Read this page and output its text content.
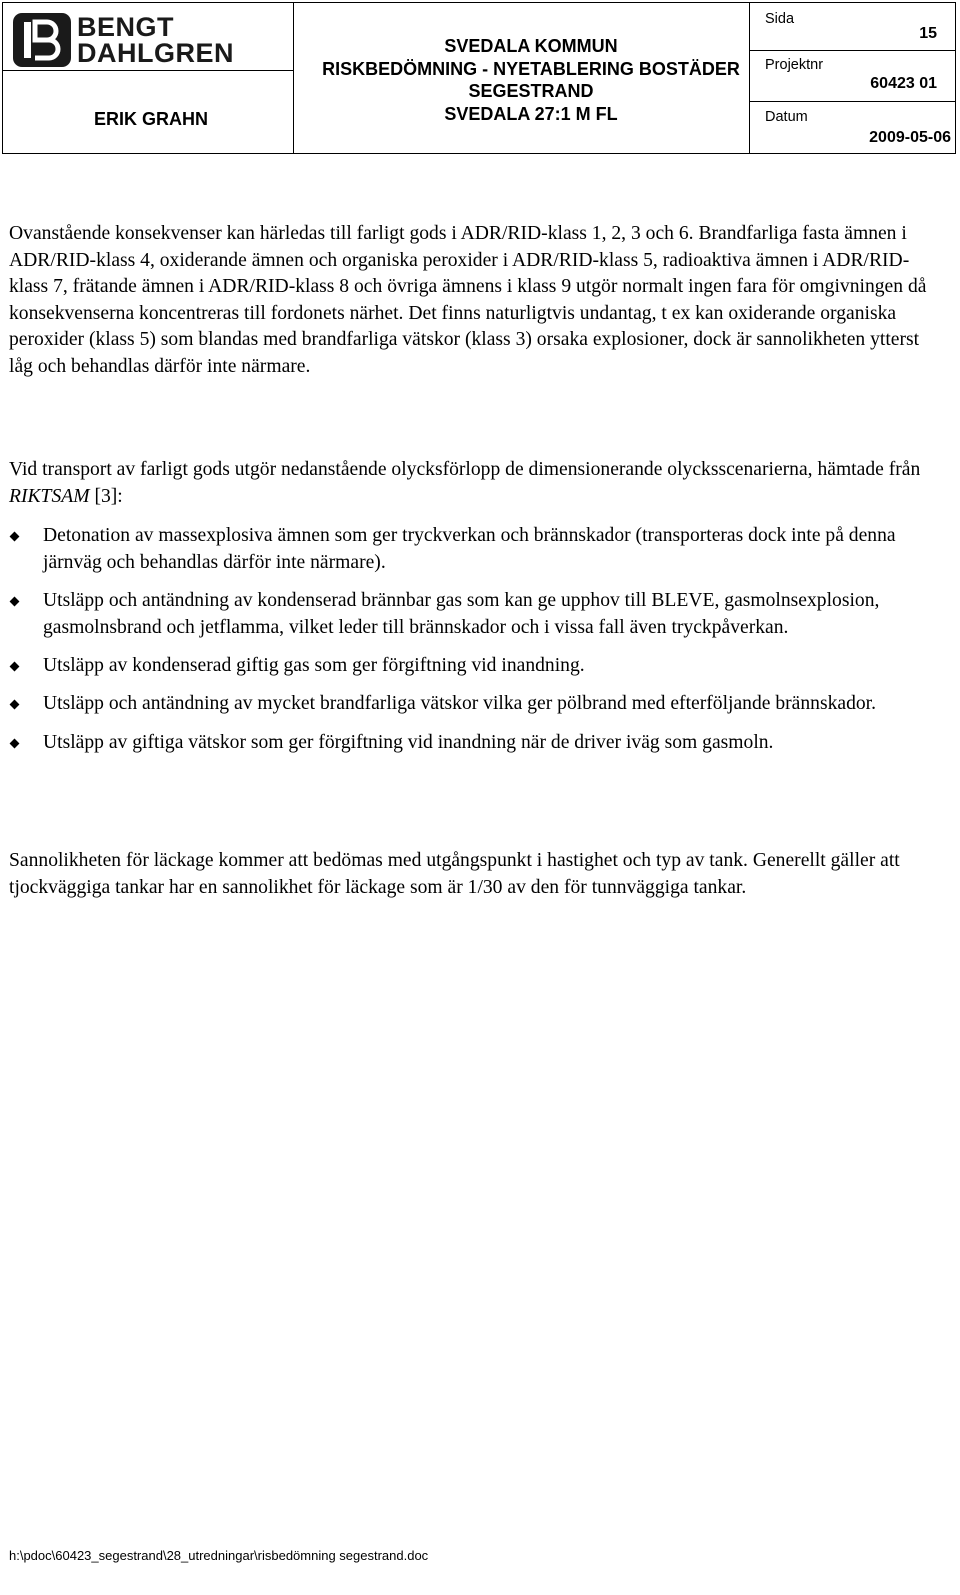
BENGT
DAHLGREN
ERIK GRAHN
SVEDALA KOMMUN
RISKBEDÖMNING - NYETABLERING BOSTÄDER
SEGESTRAND
SVEDALA 27:1 M FL
Sida
15
Projektnr
60423 01
Datum
2009-05-06

Ovanstående konsekvenser kan härledas till farligt gods i ADR/RID-klass 1, 2, 3 och 6. Brandfarliga fasta ämnen i ADR/RID-klass 4, oxiderande ämnen och organiska peroxider i ADR/RID-klass 5, radioaktiva ämnen i ADR/RID-klass 7, frätande ämnen i ADR/RID-klass 8 och övriga ämnens i klass 9 utgör normalt ingen fara för omgivningen då konsekvenserna koncentreras till fordonets närhet. Det finns naturligtvis undantag, t ex kan oxiderande organiska peroxider (klass 5) som blandas med brandfarliga vätskor (klass 3) orsaka explosioner, dock är sannolikheten ytterst låg och behandlas därför inte närmare.

Vid transport av farligt gods utgör nedanstående olycksförlopp de dimensionerande olycksscenarierna, hämtade från RIKTSAM [3]:

Detonation av massexplosiva ämnen som ger tryckverkan och brännskador (transporteras dock inte på denna järnväg och behandlas därför inte närmare).
Utsläpp och antändning av kondenserad brännbar gas som kan ge upphov till BLEVE, gasmolnsexplosion, gasmolnsbrand och jetflamma, vilket leder till brännskador och i vissa fall även tryckpåverkan.
Utsläpp av kondenserad giftig gas som ger förgiftning vid inandning.
Utsläpp och antändning av mycket brandfarliga vätskor vilka ger pölbrand med efterföljande brännskador.
Utsläpp av giftiga vätskor som ger förgiftning vid inandning när de driver iväg som gasmoln.

Sannolikheten för läckage kommer att bedömas med utgångspunkt i hastighet och typ av tank. Generellt gäller att tjockväggiga tankar har en sannolikhet för läckage som är 1/30 av den för tunnväggiga tankar.

h:\pdoc\60423_segestrand\28_utredningar\risbedömning segestrand.doc
